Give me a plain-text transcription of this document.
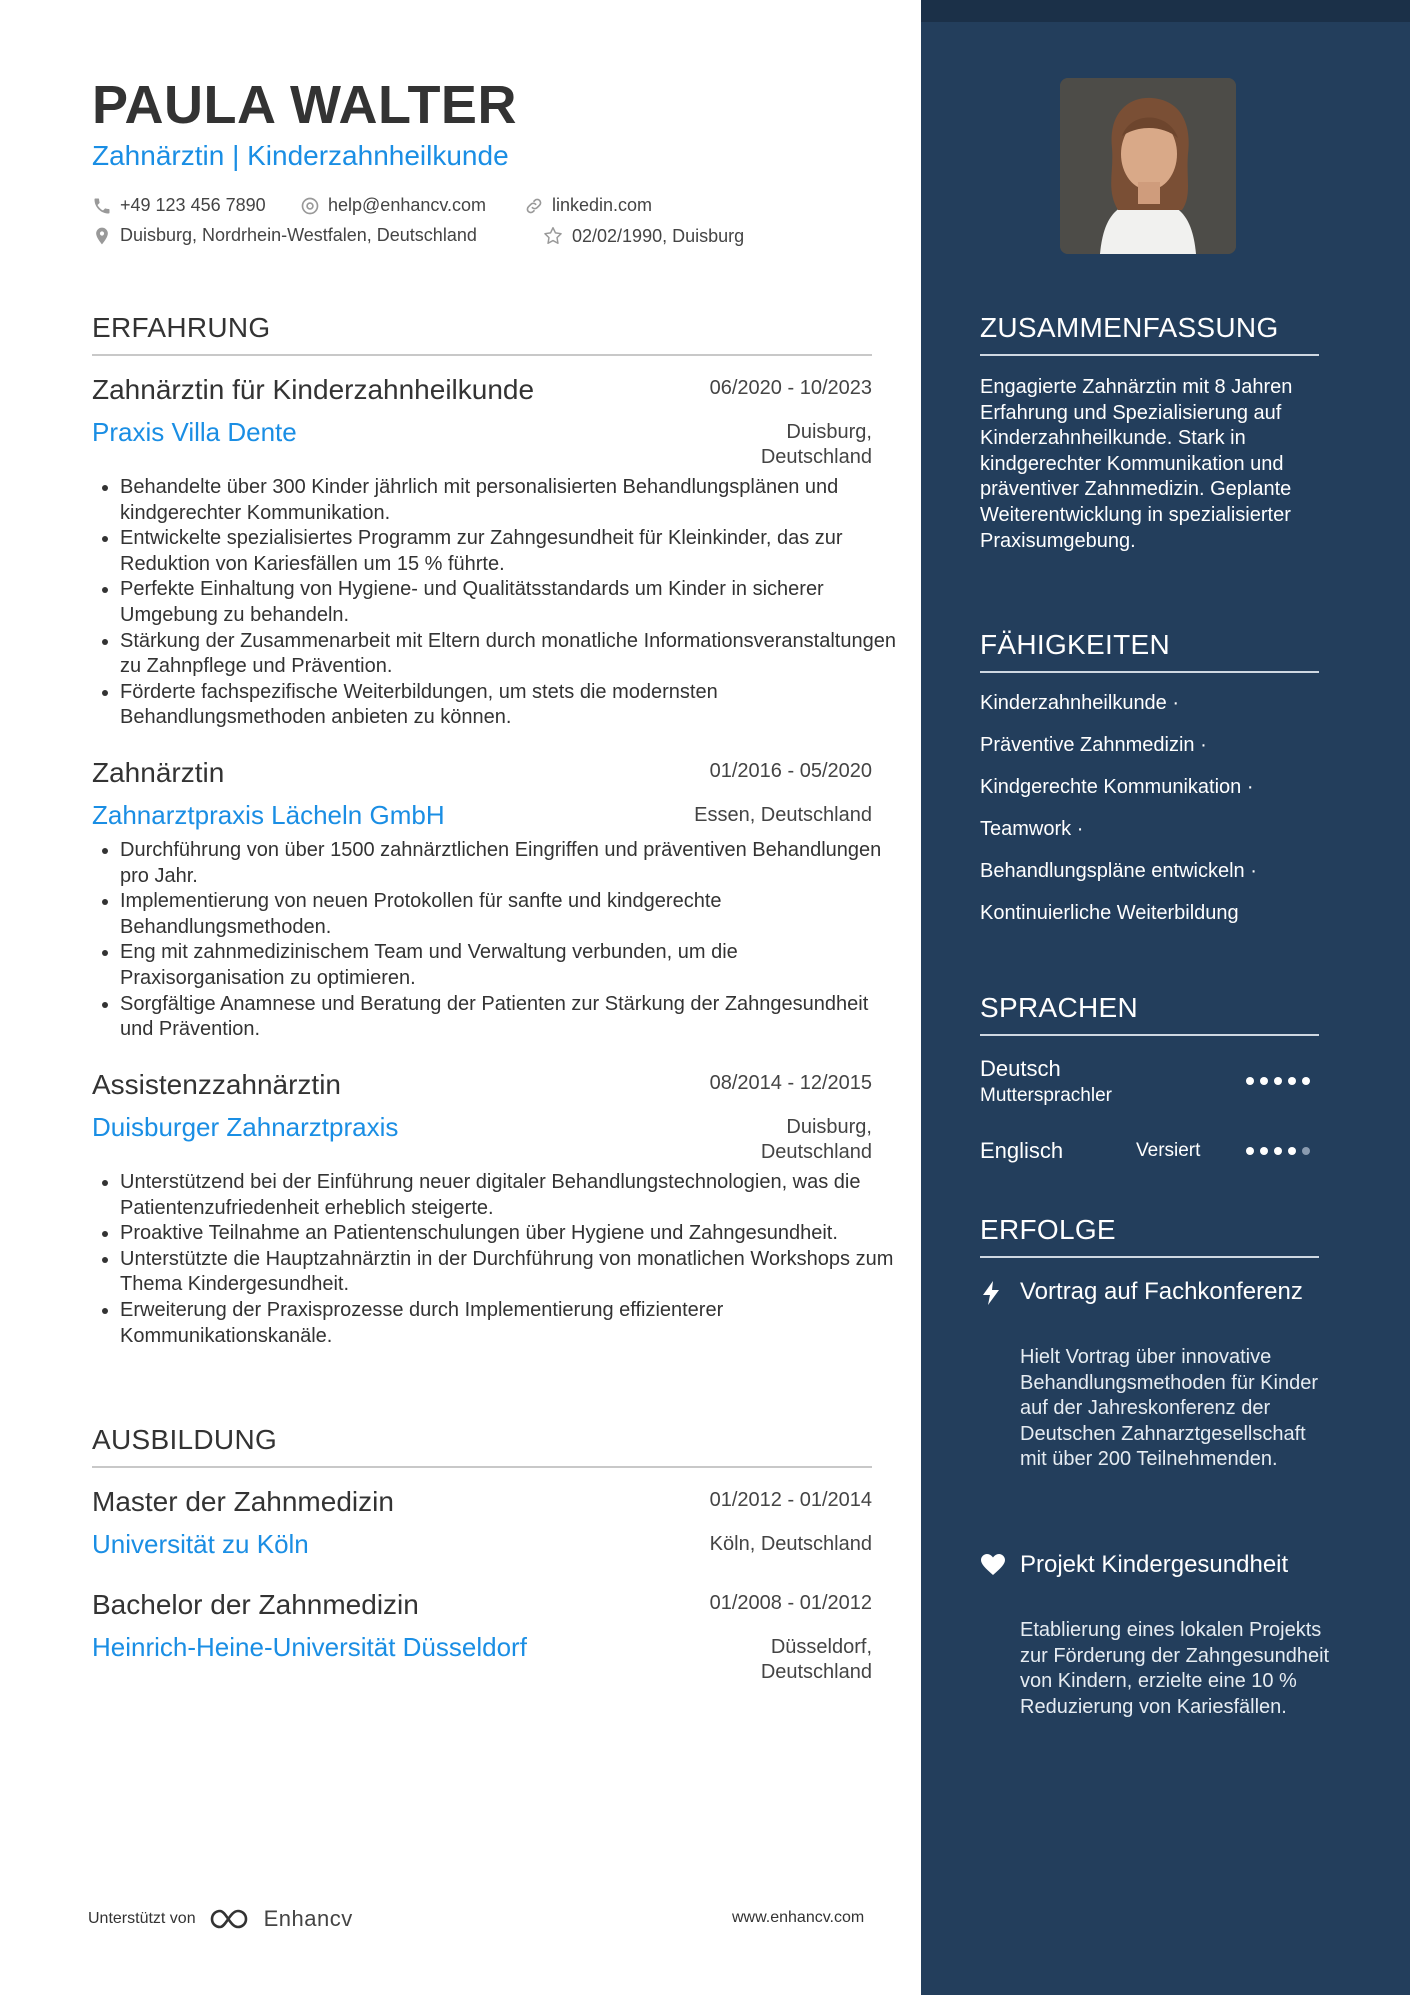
PAULA WALTER
Zahnärztin | Kinderzahnheilkunde
+49 123 456 7890	help@enhancv.com	linkedin.com
Duisburg, Nordrhein-Westfalen, Deutschland	02/02/1990, Duisburg
ERFAHRUNG
Zahnärztin für Kinderzahnheilkunde	06/2020 - 10/2023
Praxis Villa Dente	Duisburg,
Deutschland
• Behandelte über 300 Kinder jährlich mit personalisierten Behandlungsplänen und kindgerechter Kommunikation.
• Entwickelte spezialisiertes Programm zur Zahngesundheit für Kleinkinder, das zur Reduktion von Kariesfällen um 15 % führte.
• Perfekte Einhaltung von Hygiene- und Qualitätsstandards um Kinder in sicherer Umgebung zu behandeln.
• Stärkung der Zusammenarbeit mit Eltern durch monatliche Informationsveranstaltungen zu Zahnpflege und Prävention.
• Förderte fachspezifische Weiterbildungen, um stets die modernsten Behandlungsmethoden anbieten zu können.
Zahnärztin	01/2016 - 05/2020
Zahnarztpraxis Lächeln GmbH	Essen, Deutschland
• Durchführung von über 1500 zahnärztlichen Eingriffen und präventiven Behandlungen pro Jahr.
• Implementierung von neuen Protokollen für sanfte und kindgerechte Behandlungsmethoden.
• Eng mit zahnmedizinischem Team und Verwaltung verbunden, um die Praxisorganisation zu optimieren.
• Sorgfältige Anamnese und Beratung der Patienten zur Stärkung der Zahngesundheit und Prävention.
Assistenzzahnärztin	08/2014 - 12/2015
Duisburger Zahnarztpraxis	Duisburg,
Deutschland
• Unterstützend bei der Einführung neuer digitaler Behandlungstechnologien, was die Patientenzufriedenheit erheblich steigerte.
• Proaktive Teilnahme an Patientenschulungen über Hygiene und Zahngesundheit.
• Unterstützte die Hauptzahnärztin in der Durchführung von monatlichen Workshops zum Thema Kindergesundheit.
• Erweiterung der Praxisprozesse durch Implementierung effizienterer Kommunikationskanäle.
AUSBILDUNG
Master der Zahnmedizin	01/2012 - 01/2014
Universität zu Köln	Köln, Deutschland
Bachelor der Zahnmedizin	01/2008 - 01/2012
Heinrich-Heine-Universität Düsseldorf	Düsseldorf,
Deutschland
Unterstützt von	Enhancv	www.enhancv.com
ZUSAMMENFASSUNG
Engagierte Zahnärztin mit 8 Jahren Erfahrung und Spezialisierung auf Kinderzahnheilkunde. Stark in kindgerechter Kommunikation und präventiver Zahnmedizin. Geplante Weiterentwicklung in spezialisierter Praxisumgebung.
FÄHIGKEITEN
Kinderzahnheilkunde ·
Präventive Zahnmedizin ·
Kindgerechte Kommunikation ·
Teamwork ·
Behandlungspläne entwickeln ·
Kontinuierliche Weiterbildung
SPRACHEN
Deutsch
Muttersprachler
Englisch	Versiert
ERFOLGE
Vortrag auf Fachkonferenz
Hielt Vortrag über innovative Behandlungsmethoden für Kinder auf der Jahreskonferenz der Deutschen Zahnarztgesellschaft mit über 200 Teilnehmenden.
Projekt Kindergesundheit
Etablierung eines lokalen Projekts zur Förderung der Zahngesundheit von Kindern, erzielte eine 10 % Reduzierung von Kariesfällen.
